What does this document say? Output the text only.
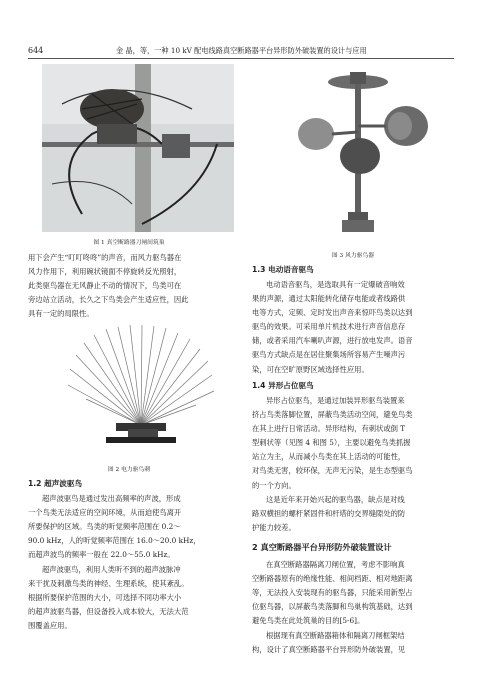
644	金 晶，等，一种 10 kV 配电线路真空断路器平台异形防外破装置的设计与应用
图 1 真空断路器刀闸间筑巢
用下会产生“叮叮咚咚”的声音，而风力驱鸟器在
风力作用下，利用碗状镜面不停旋转反光照射，
此类驱鸟器在无风静止不动的情况下，鸟类可在
旁边站立活动，长久之下鸟类会产生适应性，因此
具有一定的局限性。
图 2 电力驱鸟刺
1.2 超声波驱鸟
超声波驱鸟是通过发出高频率的声波，形成
一个鸟类无法适应的空间环境，从而迫使鸟离开
所要保护的区域。鸟类的听觉频率范围在 0.2～
90.0 kHz，人的听觉频率范围在 16.0～20.0 kHz，
而超声波鸟的频率一般在 22.0～55.0 kHz。
超声波驱鸟，利用人类听不到的超声波脉冲
来干扰及刺激鸟类的神经、生理系统，使其紊乱。
根据所要保护范围的大小，可选择不同功率大小
的超声波驱鸟器，但设备投入成本较大，无法大范
围覆盖应用。
图 3 风力驱鸟器
1.3 电动语音驱鸟
电动语音驱鸟，是选取具有一定爆破音响效
果的声源，通过太阳能转化储存电能或者线路供
电等方式，定频、定时发出声音来惊吓鸟类以达到
驱鸟的效果。可采用单片机技术进行声音信息存
储，或者采用汽车喇叭声源，进行放电发声。语音
驱鸟方式缺点是在居住聚集场所容易产生噪声污
染，可在空旷原野区域选择性应用。
1.4 异形占位驱鸟
异形占位驱鸟，是通过加装异形驱鸟装置来
挤占鸟类落脚位置，屏蔽鸟类活动空间，避免鸟类
在其上进行日常活动。异形结构，有刺状或倒 T
型刺状等（见图 4 和图 5），主要以避免鸟类抓握
站立为主，从而减小鸟类在其上活动的可能性，
对鸟类无害，较环保，无声无污染，是生态型驱鸟
的一个方向。
这是近年来开始兴起的驱鸟器，缺点是对线
路双横担的螺杆紧固件和杆塔的交界缝隙处的防
护能力较差。
2 真空断路器平台异形防外破装置设计
在真空断路器隔离刀闸位置，考虑不影响真
空断路器原有的绝缘性能、相间档距、相对地距离
等，无法投入安装现有的驱鸟器，只能采用新型占
位驱鸟器，以屏蔽鸟类落脚和鸟巢构筑基础，达到
避免鸟类在此处筑巢的目的[5-6]。
根据现有真空断路器箱体和隔离刀闸框架结
构，设计了真空断路器平台异形防外破装置，见
